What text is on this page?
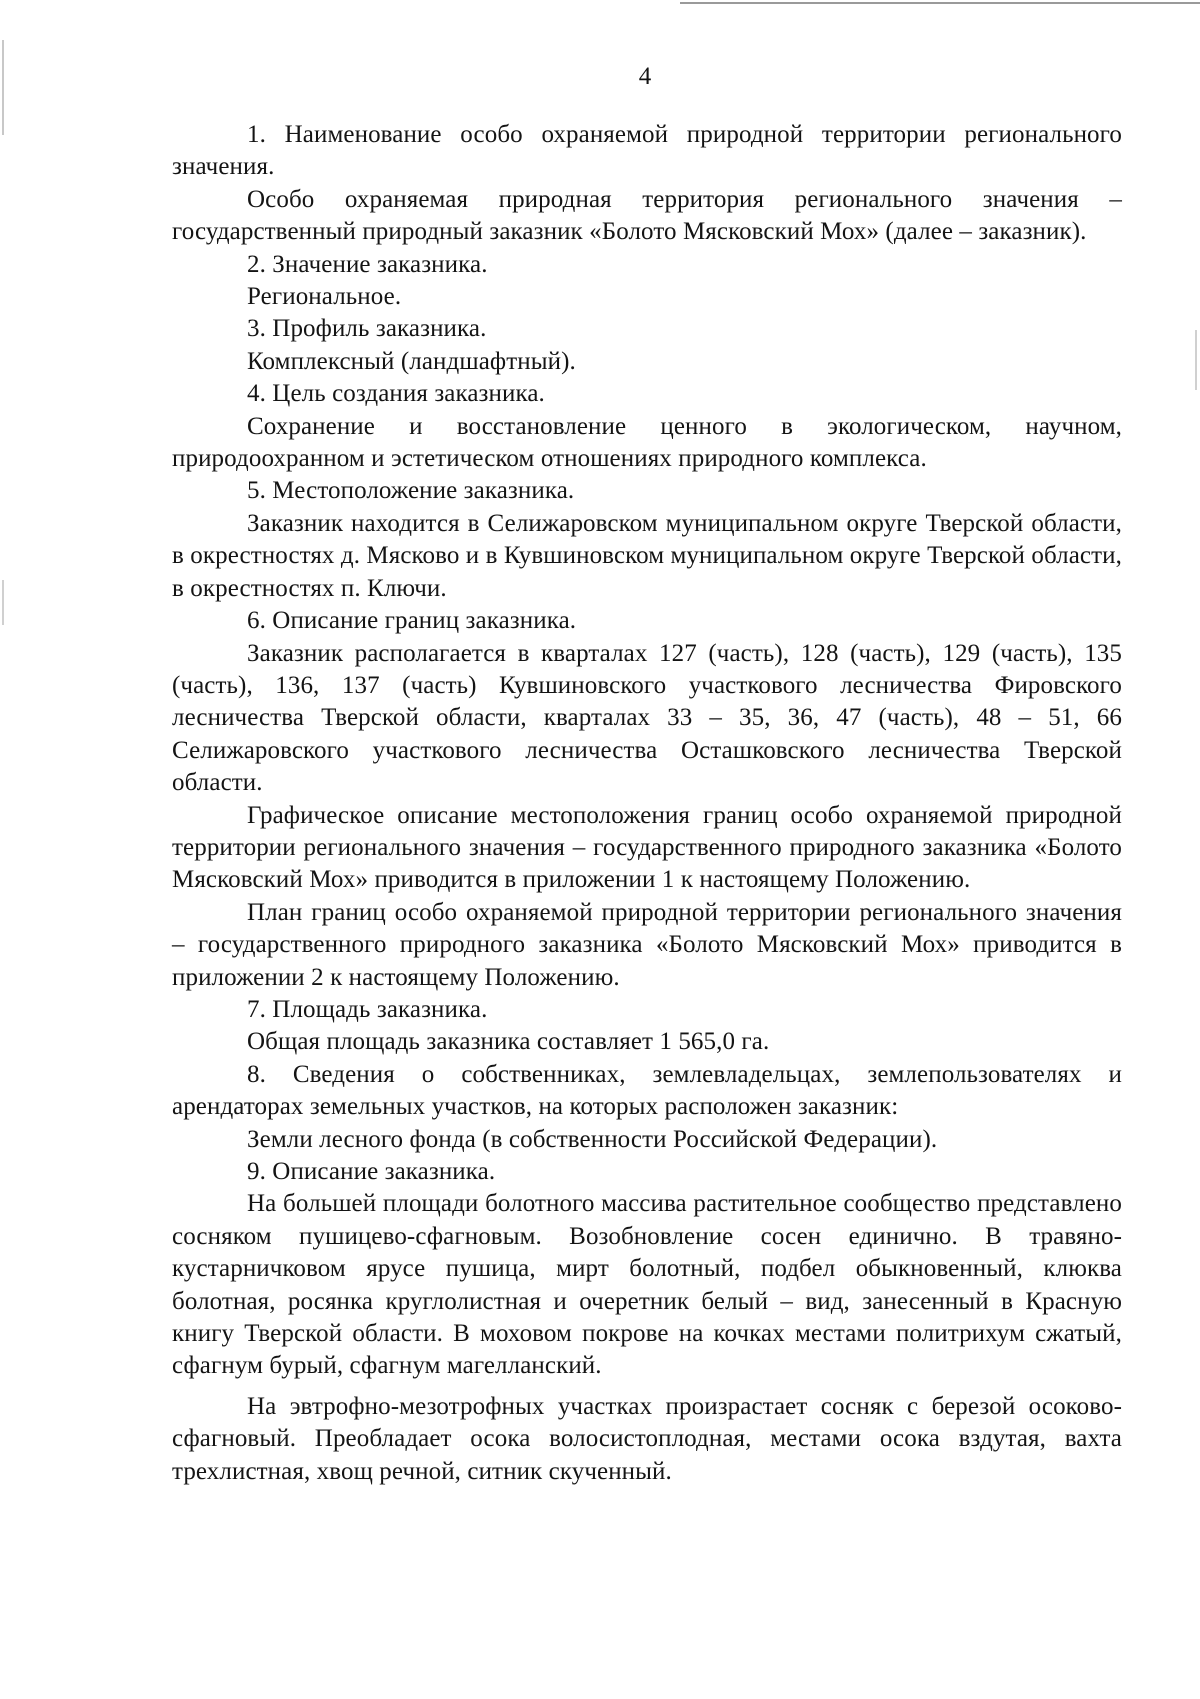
4

1. Наименование особо охраняемой природной территории регионального значения.

Особо охраняемая природная территория регионального значения – государственный природный заказник «Болото Мясковский Мох» (далее – заказник).

2. Значение заказника.

Региональное.

3. Профиль заказника.

Комплексный (ландшафтный).

4. Цель создания заказника.

Сохранение и восстановление ценного в экологическом, научном, природоохранном и эстетическом отношениях природного комплекса.

5. Местоположение заказника.

Заказник находится в Селижаровском муниципальном округе Тверской области, в окрестностях д. Мясково и в Кувшиновском муниципальном округе Тверской области, в окрестностях п. Ключи.

6. Описание границ заказника.

Заказник располагается в кварталах 127 (часть), 128 (часть), 129 (часть), 135 (часть), 136, 137 (часть) Кувшиновского участкового лесничества Фировского лесничества Тверской области, кварталах 33 – 35, 36, 47 (часть), 48 – 51, 66 Селижаровского участкового лесничества Осташковского лесничества Тверской области.

Графическое описание местоположения границ особо охраняемой природной территории регионального значения – государственного природного заказника «Болото Мясковский Мох» приводится в приложении 1 к настоящему Положению.

План границ особо охраняемой природной территории регионального значения – государственного природного заказника «Болото Мясковский Мох» приводится в приложении 2 к настоящему Положению.

7. Площадь заказника.

Общая площадь заказника составляет 1 565,0 га.

8. Сведения о собственниках, землевладельцах, землепользователях и арендаторах земельных участков, на которых расположен заказник:

Земли лесного фонда (в собственности Российской Федерации).

9. Описание заказника.

На большей площади болотного массива растительное сообщество представлено сосняком пушицево-сфагновым. Возобновление сосен единично. В травяно-кустарничковом ярусе пушица, мирт болотный, подбел обыкновенный, клюква болотная, росянка круглолистная и очеретник белый – вид, занесенный в Красную книгу Тверской области. В моховом покрове на кочках местами политрихум сжатый, сфагнум бурый, сфагнум магелланский.

На эвтрофно-мезотрофных участках произрастает сосняк с березой осоково-сфагновый. Преобладает осока волосистоплодная, местами осока вздутая, вахта трехлистная, хвощ речной, ситник скученный.
